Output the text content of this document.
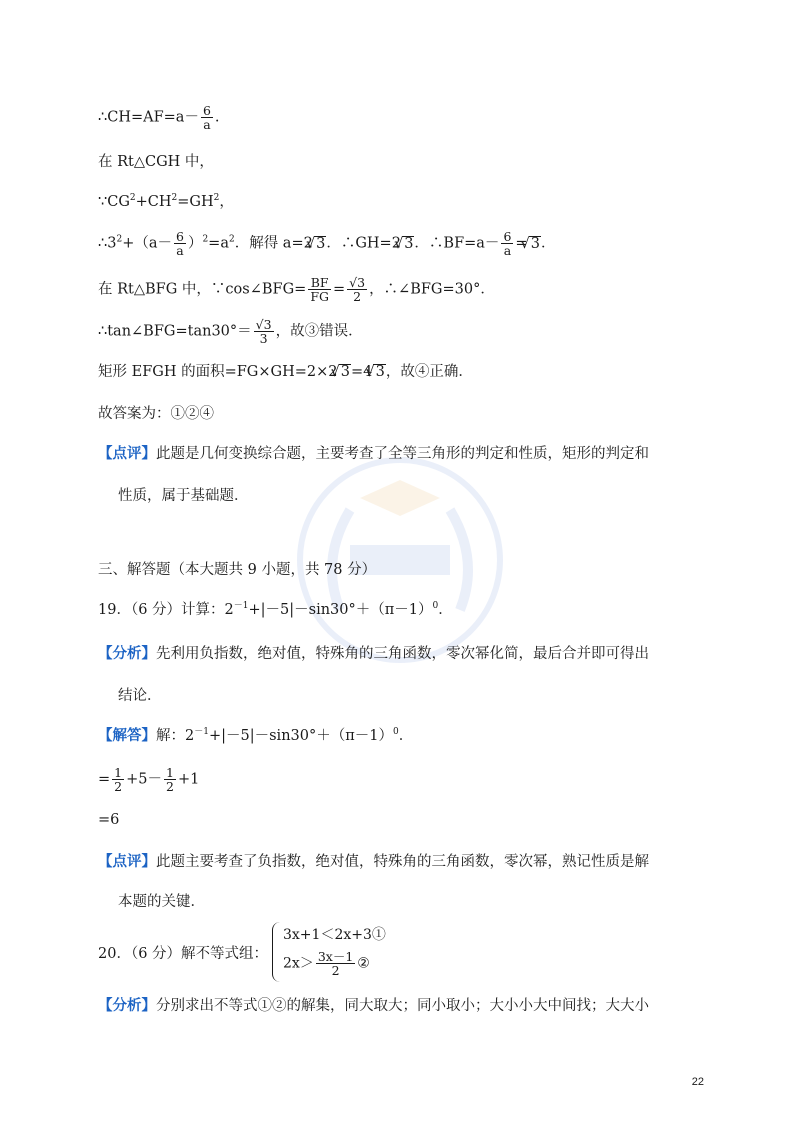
∴CH=AF=a－ $\frac{6}{a}$ .
在 Rt△CGH 中，
$\because CG^2+CH^2=GH^2$，
$\therefore 3^2+(a- \frac{6}{a} )^2=a^2$．解得 a=2 √ 3．∴GH=2 √ 3．∴BF=a－ $\frac{6}{a}$ = √ 3．
在 Rt△BFG 中，∵cos∠BFG= $\frac{BF}{FG} = \frac{√3}{2}$ ，∴∠BFG=30°．
∴tan∠BFG=tan30°＝ $\frac{√3}{3}$ ，故③错误．
矩形 EFGH 的面积=FG×GH=2×2 √ 3=4 √ 3，故④正确．
故答案为：①②④
【点评】此题是几何变换综合题，主要考查了全等三角形的判定和性质，矩形的判定和
性质，属于基础题．
三、解答题（本大题共 9 小题，共 78 分）
19．（6 分）计算：$2^{-1}+|-5|-\sin 30^\circ+(\pi-1)^0$．
【分析】先利用负指数，绝对值，特殊角的三角函数，零次幂化简，最后合并即可得出
结论．
【解答】解：$2^{-1}+|-5|-\sin 30^\circ+(\pi-1)^0$．
= $\frac{1}{2} +5- \frac{1}{2} +1$
=6
【点评】此题主要考查了负指数，绝对值，特殊角的三角函数，零次幂，熟记性质是解
本题的关键．
20．（6 分）解不等式组：
3x+1＜2x+3①
$2x> \frac{3x-1}{2}$ ②
【分析】分别求出不等式①②的解集，同大取大；同小取小；大小小大中间找；大大小
22
